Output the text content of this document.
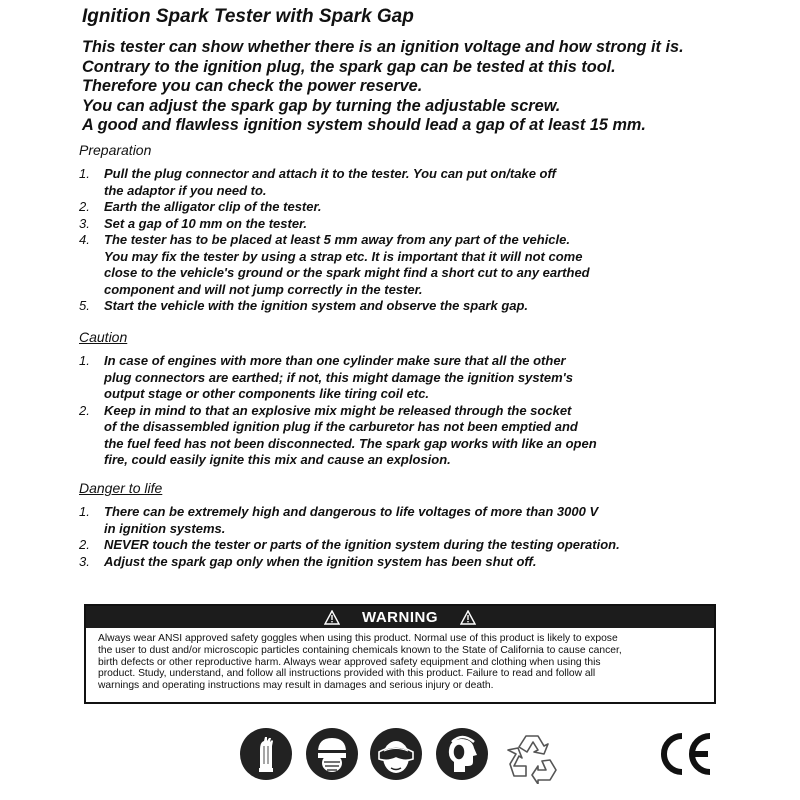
Ignition Spark Tester with Spark Gap
This tester can show whether there is an ignition voltage and how strong it is.
Contrary to the ignition plug, the spark gap can be tested at this tool.
Therefore you can check the power reserve.
You can adjust the spark gap by turning the adjustable screw.
A good and flawless ignition system should lead a gap of at least 15 mm.
Preparation
1. Pull the plug connector and attach it to the tester. You can put on/take off
the adaptor if you need to.
2. Earth the alligator clip of the tester.
3. Set a gap of 10 mm on the tester.
4. The tester has to be placed at least 5 mm away from any part of the vehicle.
You may fix the tester by using a strap etc. It is important that it will not come
close to the vehicle's ground or the spark might find a short cut to any earthed
component and will not jump correctly in the tester.
5. Start the vehicle with the ignition system and observe the spark gap.
Caution
1. In case of engines with more than one cylinder make sure that all the other
plug connectors are earthed; if not, this might damage the ignition system's
output stage or other components like tiring coil etc.
2. Keep in mind to that an explosive mix might be released through the socket
of the disassembled ignition plug if the carburetor has not been emptied and
the fuel feed has not been disconnected. The spark gap works with like an open
fire, could easily ignite this mix and cause an explosion.
Danger to life
1. There can be extremely high and dangerous to life voltages of more than 3000 V
in ignition systems.
2. NEVER touch the tester or parts of the ignition system during the testing operation.
3. Adjust the spark gap only when the ignition system has been shut off.
WARNING
Always wear ANSI approved safety goggles when using this product. Normal use of this product is likely to expose
the user to dust and/or microscopic particles containing chemicals known to the State of California to cause cancer,
birth defects or other reproductive harm. Always wear approved safety equipment and clothing when using this
product. Study, understand, and follow all instructions provided with this product. Failure to read and follow all
warnings and operating instructions may result in damages and serious injury or death.
